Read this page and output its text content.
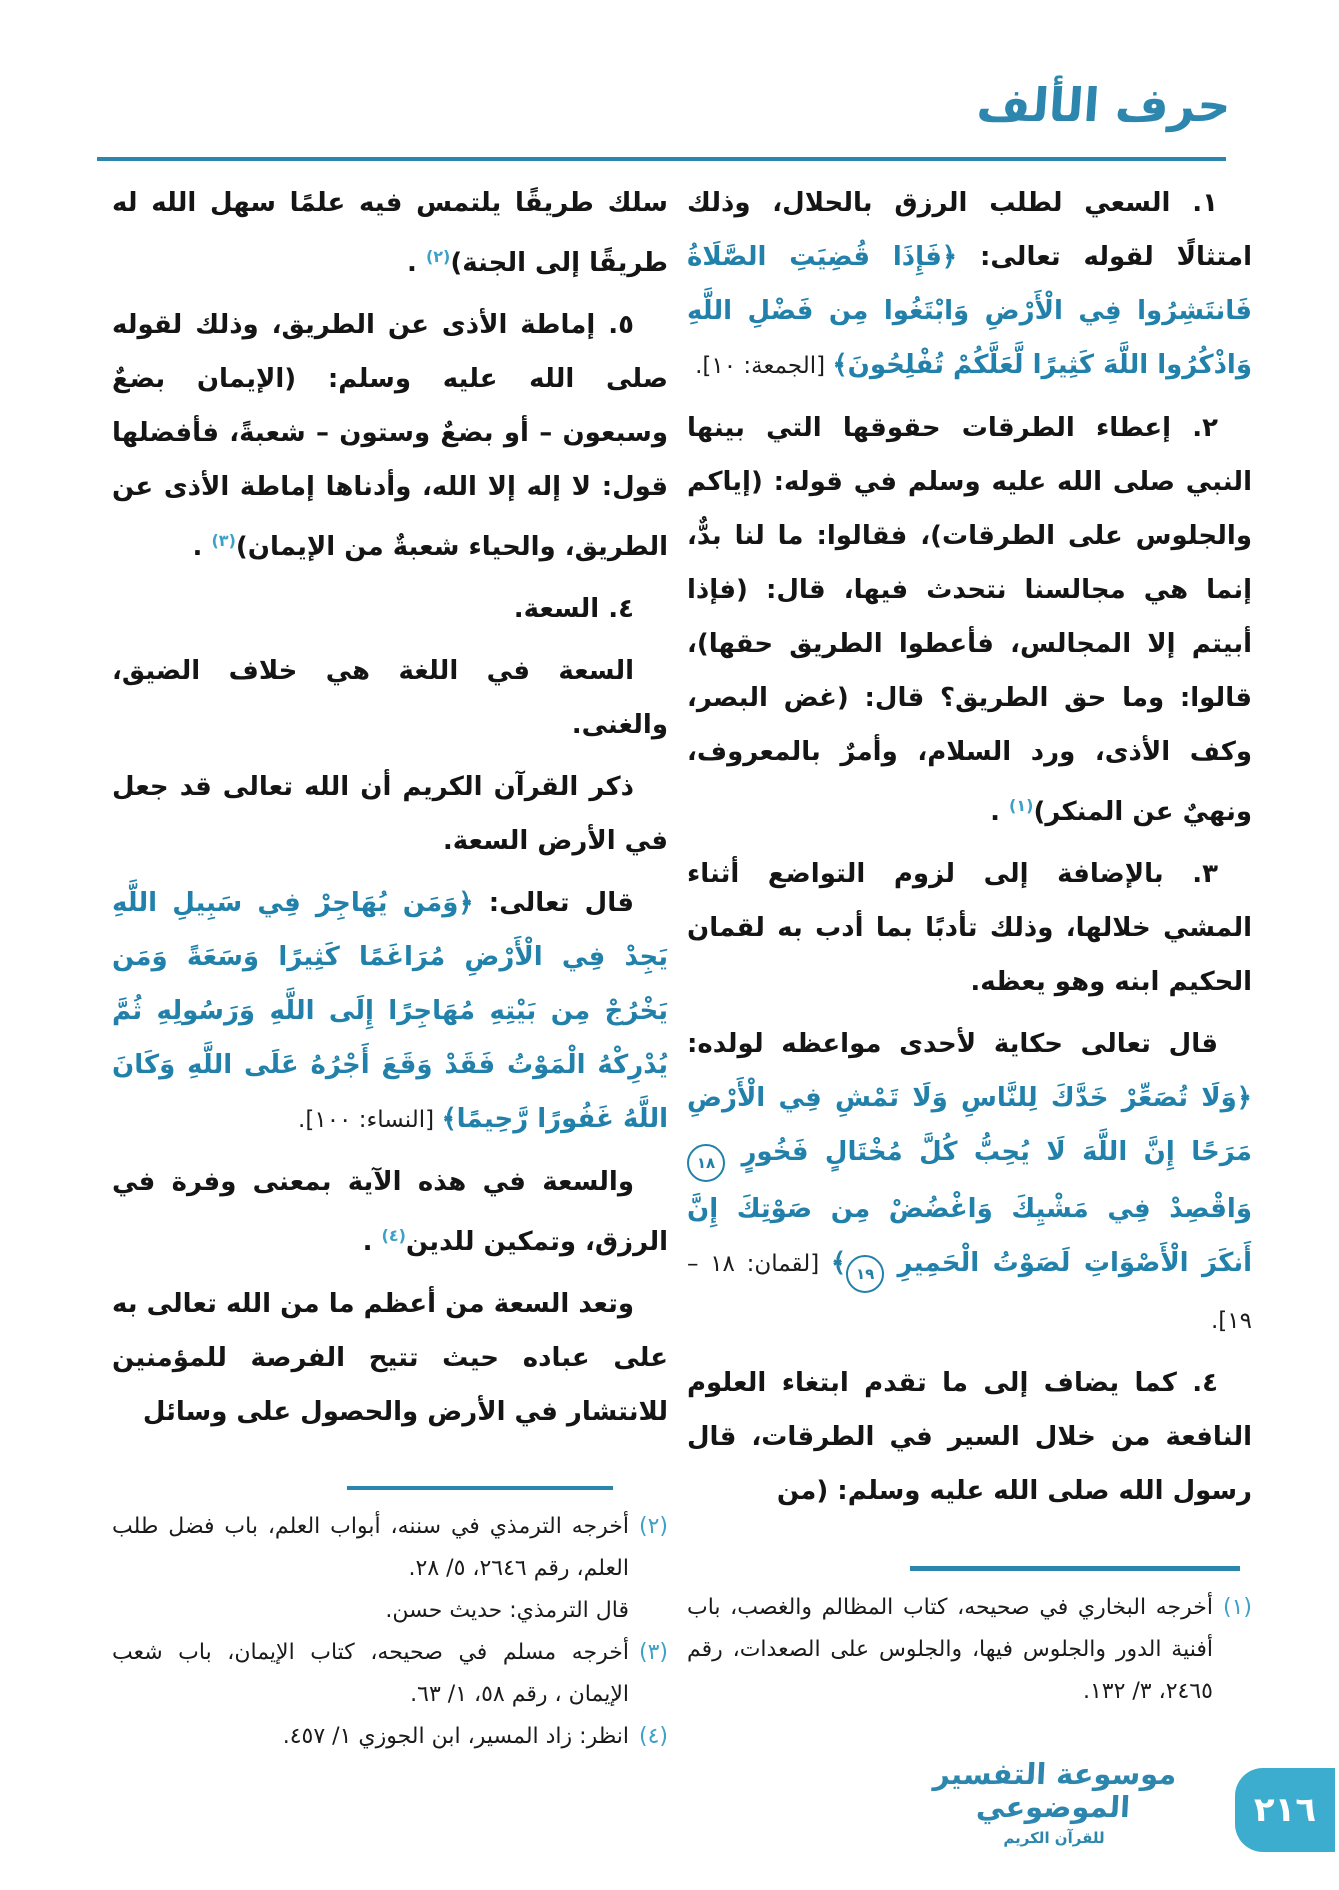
حرف الألف
١. السعي لطلب الرزق بالحلال، وذلك امتثالًا لقوله تعالى: ﴿فَإِذَا قُضِيَتِ الصَّلَاةُ فَانتَشِرُوا فِي الْأَرْضِ وَابْتَغُوا مِن فَضْلِ اللَّهِ وَاذْكُرُوا اللَّهَ كَثِيرًا لَّعَلَّكُمْ تُفْلِحُونَ﴾ [الجمعة: ١٠].
٢. إعطاء الطرقات حقوقها التي بينها النبي صلى الله عليه وسلم في قوله: (إياكم والجلوس على الطرقات)، فقالوا: ما لنا بدٌّ، إنما هي مجالسنا نتحدث فيها، قال: (فإذا أبيتم إلا المجالس، فأعطوا الطريق حقها)، قالوا: وما حق الطريق؟ قال: (غض البصر، وكف الأذى، ورد السلام، وأمرٌ بالمعروف، ونهيٌ عن المنكر)$^{(١)}$ .
٣. بالإضافة إلى لزوم التواضع أثناء المشي خلالها، وذلك تأدبًا بما أدب به لقمان الحكيم ابنه وهو يعظه.
قال تعالى حكاية لأحدى مواعظه لولده: ﴿وَلَا تُصَعِّرْ خَدَّكَ لِلنَّاسِ وَلَا تَمْشِ فِي الْأَرْضِ مَرَحًا إِنَّ اللَّهَ لَا يُحِبُّ كُلَّ مُخْتَالٍ فَخُورٍ ١٨ وَاقْصِدْ فِي مَشْيِكَ وَاغْضُضْ مِن صَوْتِكَ إِنَّ أَنكَرَ الْأَصْوَاتِ لَصَوْتُ الْحَمِيرِ ١٩﴾ [لقمان: ١٨ – ١٩].
٤. كما يضاف إلى ما تقدم ابتغاء العلوم النافعة من خلال السير في الطرقات، قال رسول الله صلى الله عليه وسلم: (من
سلك طريقًا يلتمس فيه علمًا سهل الله له طريقًا إلى الجنة)$^{(٢)}$ .
٥. إماطة الأذى عن الطريق، وذلك لقوله صلى الله عليه وسلم: (الإيمان بضعٌ وسبعون – أو بضعٌ وستون – شعبةً، فأفضلها قول: لا إله إلا الله، وأدناها إماطة الأذى عن الطريق، والحياء شعبةٌ من الإيمان)$^{(٣)}$ .
٤. السعة.
السعة في اللغة هي خلاف الضيق، والغنى.
ذكر القرآن الكريم أن الله تعالى قد جعل في الأرض السعة.
قال تعالى: ﴿وَمَن يُهَاجِرْ فِي سَبِيلِ اللَّهِ يَجِدْ فِي الْأَرْضِ مُرَاغَمًا كَثِيرًا وَسَعَةً وَمَن يَخْرُجْ مِن بَيْتِهِ مُهَاجِرًا إِلَى اللَّهِ وَرَسُولِهِ ثُمَّ يُدْرِكْهُ الْمَوْتُ فَقَدْ وَقَعَ أَجْرُهُ عَلَى اللَّهِ وَكَانَ اللَّهُ غَفُورًا رَّحِيمًا﴾ [النساء: ١٠٠].
والسعة في هذه الآية بمعنى وفرة في الرزق، وتمكين للدين$^{(٤)}$ .
وتعد السعة من أعظم ما من الله تعالى به على عباده حيث تتيح الفرصة للمؤمنين للانتشار في الأرض والحصول على وسائل
(١)
أخرجه البخاري في صحيحه، كتاب المظالم والغصب، باب أفنية الدور والجلوس فيها، والجلوس على الصعدات، رقم ٢٤٦٥، ٣/ ١٣٢.
(٢)
أخرجه الترمذي في سننه، أبواب العلم، باب فضل طلب العلم، رقم ٢٦٤٦، ٥/ ٢٨.
قال الترمذي: حديث حسن.
(٣)
أخرجه مسلم في صحيحه، كتاب الإيمان، باب شعب الإيمان ، رقم ٥٨، ١/ ٦٣.
(٤)
انظر: زاد المسير، ابن الجوزي ١/ ٤٥٧.
موسوعة التفسير الموضوعي
للقرآن الكريم
٢١٦
